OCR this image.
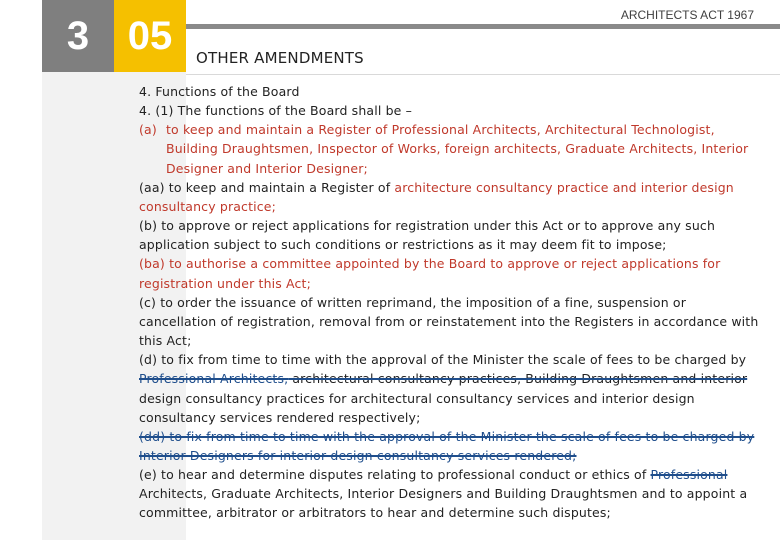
3 05	ARCHITECTS ACT 1967
OTHER AMENDMENTS

4. Functions of the Board

4. (1) The functions of the Board shall be –

(a) to keep and maintain a Register of Professional Architects, Architectural Technologist, Building Draughtsmen, Inspector of Works, foreign architects, Graduate Architects, Interior Designer and Interior Designer;

(aa) to keep and maintain a Register of architecture consultancy practice and interior design consultancy practice;

(b) to approve or reject applications for registration under this Act or to approve any such application subject to such conditions or restrictions as it may deem fit to impose;

(ba) to authorise a committee appointed by the Board to approve or reject applications for registration under this Act;

(c) to order the issuance of written reprimand, the imposition of a fine, suspension or cancellation of registration, removal from or reinstatement into the Registers in accordance with this Act;

(d) to fix from time to time with the approval of the Minister the scale of fees to be charged by Professional Architects, architectural consultancy practices, Building Draughtsmen and interior design consultancy practices for architectural consultancy services and interior design consultancy services rendered respectively;

(dd) to fix from time to time with the approval of the Minister the scale of fees to be charged by Interior Designers for interior design consultancy services rendered;

(e) to hear and determine disputes relating to professional conduct or ethics of Professional Architects, Graduate Architects, Interior Designers and Building Draughtsmen and to appoint a committee, arbitrator or arbitrators to hear and determine such disputes;
